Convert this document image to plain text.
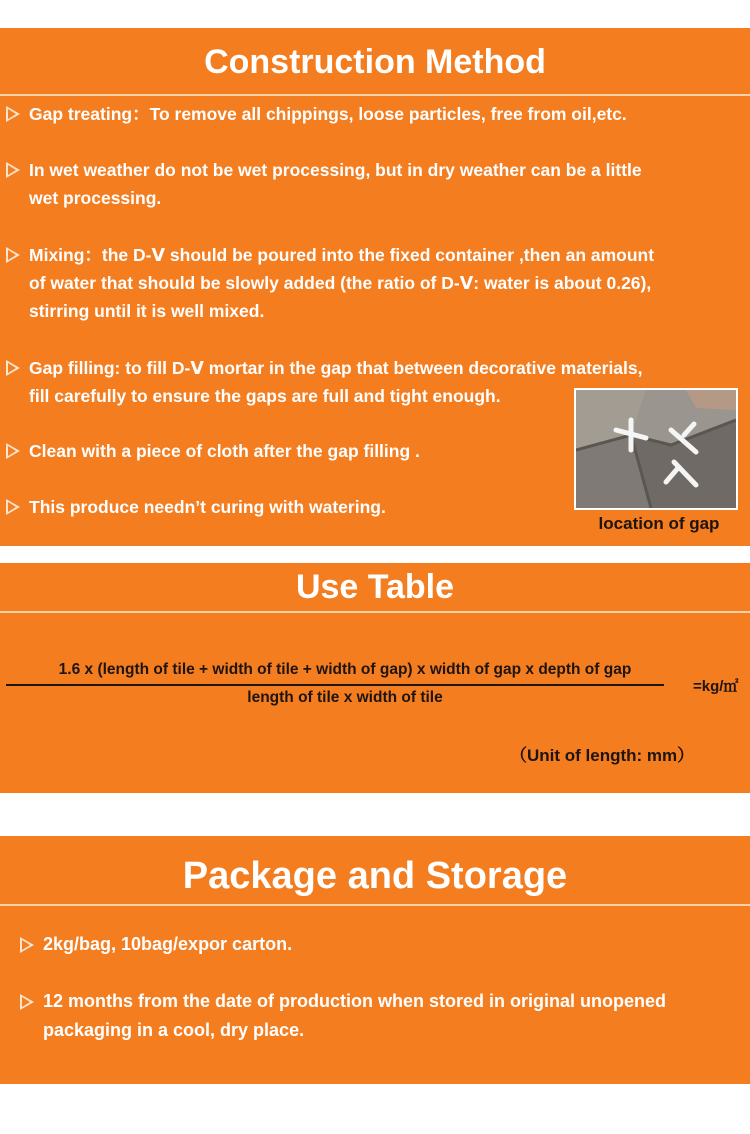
Construction Method
Gap treating：To remove all chippings, loose particles, free from oil,etc.
In wet weather do not be wet processing, but in dry weather can be a little
wet processing.
Mixing：the D-Ⅴ should be poured into the fixed container ,then an amount
of water that should be slowly added (the ratio of D-Ⅴ: water is about 0.26),
stirring until it is well mixed.
Gap filling: to fill D-Ⅴ mortar in the gap that between decorative materials,
fill carefully to ensure the gaps are full and tight enough.
Clean with a piece of cloth after the gap filling .
This produce needn’t curing with watering.
location of gap
Use Table
1.6 x (length of tile + width of tile + width of gap) x width of gap x depth of gap
length of tile x width of tile
=kg/㎡
（Unit of length: mm）
Package and Storage
2kg/bag, 10bag/expor carton.
12 months from the date of production when stored in original unopened
packaging in a cool, dry place.
